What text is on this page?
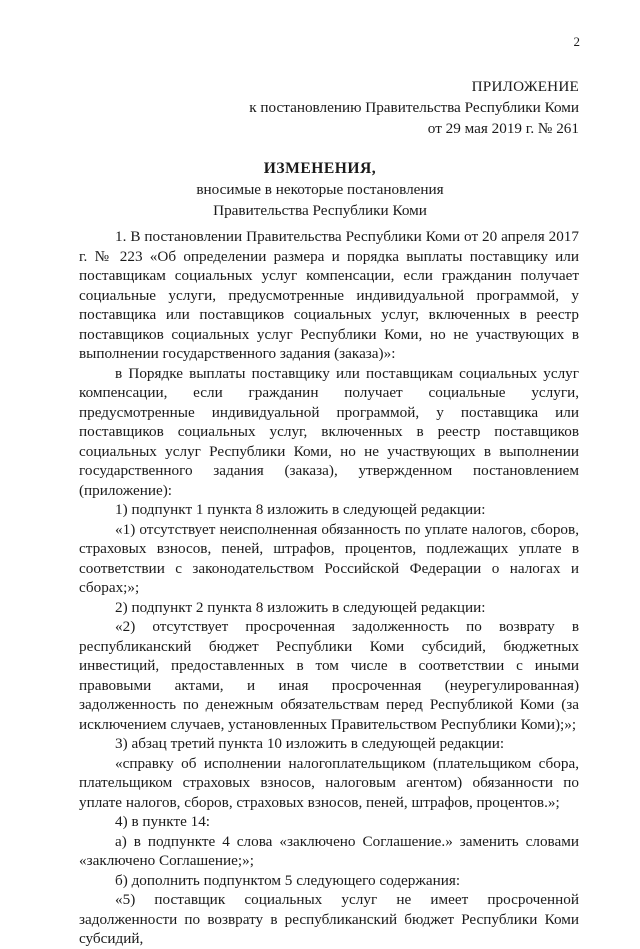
2
ПРИЛОЖЕНИЕ
к постановлению Правительства Республики Коми
от 29 мая 2019 г. № 261
ИЗМЕНЕНИЯ,
вносимые в некоторые постановления
Правительства Республики Коми

1. В постановлении Правительства Республики Коми от 20 апреля 2017 г. № 223 «Об определении размера и порядка выплаты поставщику или поставщикам социальных услуг компенсации, если гражданин получает социальные услуги, предусмотренные индивидуальной программой, у поставщика или поставщиков социальных услуг, включенных в реестр поставщиков социальных услуг Республики Коми, но не участвующих в выполнении государственного задания (заказа)»:

в Порядке выплаты поставщику или поставщикам социальных услуг компенсации, если гражданин получает социальные услуги, предусмотренные индивидуальной программой, у поставщика или поставщиков социальных услуг, включенных в реестр поставщиков социальных услуг Республики Коми, но не участвующих в выполнении государственного задания (заказа), утвержденном постановлением (приложение):

1) подпункт 1 пункта 8 изложить в следующей редакции:

«1) отсутствует неисполненная обязанность по уплате налогов, сборов, страховых взносов, пеней, штрафов, процентов, подлежащих уплате в соответствии с законодательством Российской Федерации о налогах и сборах;»;

2) подпункт 2 пункта 8 изложить в следующей редакции:

«2) отсутствует просроченная задолженность по возврату в республиканский бюджет Республики Коми субсидий, бюджетных инвестиций, предоставленных в том числе в соответствии с иными правовыми актами, и иная просроченная (неурегулированная) задолженность по денежным обязательствам перед Республикой Коми (за исключением случаев, установленных Правительством Республики Коми);»;

3) абзац третий пункта 10 изложить в следующей редакции:

«справку об исполнении налогоплательщиком (плательщиком сбора, плательщиком страховых взносов, налоговым агентом) обязанности по уплате налогов, сборов, страховых взносов, пеней, штрафов, процентов.»;

4) в пункте 14:

а) в подпункте 4 слова «заключено Соглашение.» заменить словами «заключено Соглашение;»;

б) дополнить подпунктом 5 следующего содержания:

«5) поставщик социальных услуг не имеет просроченной задолженности по возврату в республиканский бюджет Республики Коми субсидий,
